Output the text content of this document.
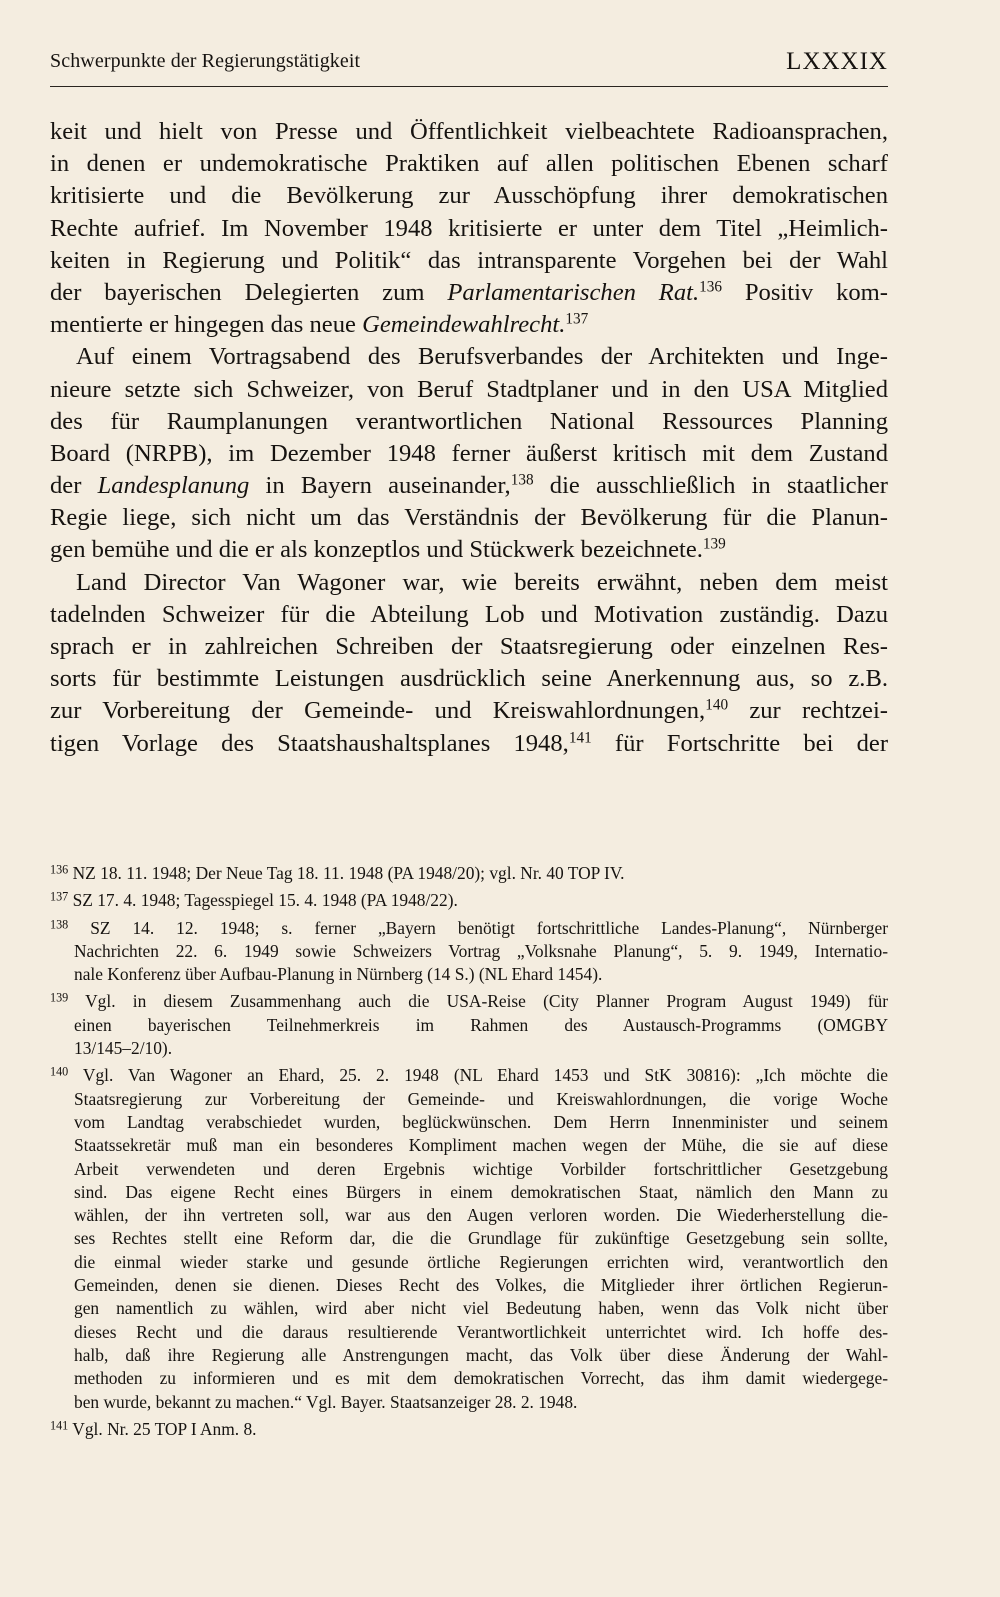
Schwerpunkte der Regierungstätigkeit	LXXXIX
keit und hielt von Presse und Öffentlichkeit vielbeachtete Radioansprachen,
in denen er undemokratische Praktiken auf allen politischen Ebenen scharf
kritisierte und die Bevölkerung zur Ausschöpfung ihrer demokratischen
Rechte aufrief. Im November 1948 kritisierte er unter dem Titel „Heimlich-
keiten in Regierung und Politik“ das intransparente Vorgehen bei der Wahl
der bayerischen Delegierten zum Parlamentarischen Rat.$^{136}$ Positiv kom-
mentierte er hingegen das neue Gemeindewahlrecht.$^{137}$
Auf einem Vortragsabend des Berufsverbandes der Architekten und Inge-
nieure setzte sich Schweizer, von Beruf Stadtplaner und in den USA Mitglied
des für Raumplanungen verantwortlichen National Ressources Planning
Board (NRPB), im Dezember 1948 ferner äußerst kritisch mit dem Zustand
der Landesplanung in Bayern auseinander,$^{138}$ die ausschließlich in staatlicher
Regie liege, sich nicht um das Verständnis der Bevölkerung für die Planun-
gen bemühe und die er als konzeptlos und Stückwerk bezeichnete.$^{139}$
Land Director Van Wagoner war, wie bereits erwähnt, neben dem meist
tadelnden Schweizer für die Abteilung Lob und Motivation zuständig. Dazu
sprach er in zahlreichen Schreiben der Staatsregierung oder einzelnen Res-
sorts für bestimmte Leistungen ausdrücklich seine Anerkennung aus, so z.B.
zur Vorbereitung der Gemeinde- und Kreiswahlordnungen,$^{140}$ zur rechtzei-
tigen Vorlage des Staatshaushaltsplanes 1948,$^{141}$ für Fortschritte bei der
$^{136}$ NZ 18. 11. 1948; Der Neue Tag 18. 11. 1948 (PA 1948/20); vgl. Nr. 40 TOP IV.
$^{137}$ SZ 17. 4. 1948; Tagesspiegel 15. 4. 1948 (PA 1948/22).
$^{138}$ SZ 14. 12. 1948; s. ferner „Bayern benötigt fortschrittliche Landes-Planung“, Nürnberger
Nachrichten 22. 6. 1949 sowie Schweizers Vortrag „Volksnahe Planung“, 5. 9. 1949, Internatio-
nale Konferenz über Aufbau-Planung in Nürnberg (14 S.) (NL Ehard 1454).
$^{139}$ Vgl. in diesem Zusammenhang auch die USA-Reise (City Planner Program August 1949) für
einen bayerischen Teilnehmerkreis im Rahmen des Austausch-Programms (OMGBY
13/145–2/10).
$^{140}$ Vgl. Van Wagoner an Ehard, 25. 2. 1948 (NL Ehard 1453 und StK 30816): „Ich möchte die
Staatsregierung zur Vorbereitung der Gemeinde- und Kreiswahlordnungen, die vorige Woche
vom Landtag verabschiedet wurden, beglückwünschen. Dem Herrn Innenminister und seinem
Staatssekretär muß man ein besonderes Kompliment machen wegen der Mühe, die sie auf diese
Arbeit verwendeten und deren Ergebnis wichtige Vorbilder fortschrittlicher Gesetzgebung
sind. Das eigene Recht eines Bürgers in einem demokratischen Staat, nämlich den Mann zu
wählen, der ihn vertreten soll, war aus den Augen verloren worden. Die Wiederherstellung die-
ses Rechtes stellt eine Reform dar, die die Grundlage für zukünftige Gesetzgebung sein sollte,
die einmal wieder starke und gesunde örtliche Regierungen errichten wird, verantwortlich den
Gemeinden, denen sie dienen. Dieses Recht des Volkes, die Mitglieder ihrer örtlichen Regierun-
gen namentlich zu wählen, wird aber nicht viel Bedeutung haben, wenn das Volk nicht über
dieses Recht und die daraus resultierende Verantwortlichkeit unterrichtet wird. Ich hoffe des-
halb, daß ihre Regierung alle Anstrengungen macht, das Volk über diese Änderung der Wahl-
methoden zu informieren und es mit dem demokratischen Vorrecht, das ihm damit wiedergege-
ben wurde, bekannt zu machen.“ Vgl. Bayer. Staatsanzeiger 28. 2. 1948.
$^{141}$ Vgl. Nr. 25 TOP I Anm. 8.
